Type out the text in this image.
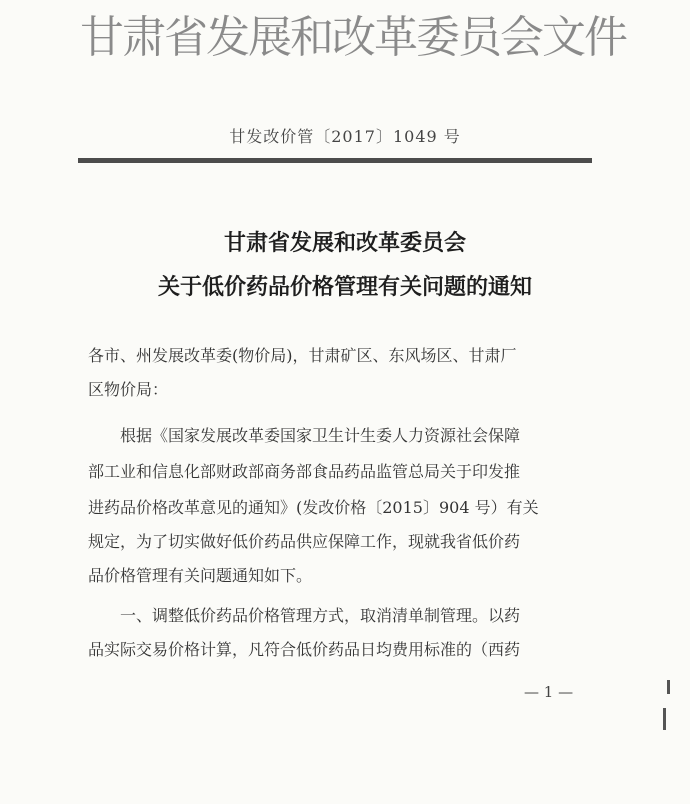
甘肃省发展和改革委员会文件
甘发改价管〔2017〕1049 号
甘肃省发展和改革委员会
关于低价药品价格管理有关问题的通知
各市、州发展改革委(物价局)，甘肃矿区、东风场区、甘肃厂
区物价局：
　　根据《国家发展改革委国家卫生计生委人力资源社会保障
部工业和信息化部财政部商务部食品药品监管总局关于印发推
进药品价格改革意见的通知》(发改价格〔2015〕904 号）有关
规定，为了切实做好低价药品供应保障工作，现就我省低价药
品价格管理有关问题通知如下。
　　一、调整低价药品价格管理方式，取消清单制管理。以药
品实际交易价格计算，凡符合低价药品日均费用标准的（西药
— 1 —
